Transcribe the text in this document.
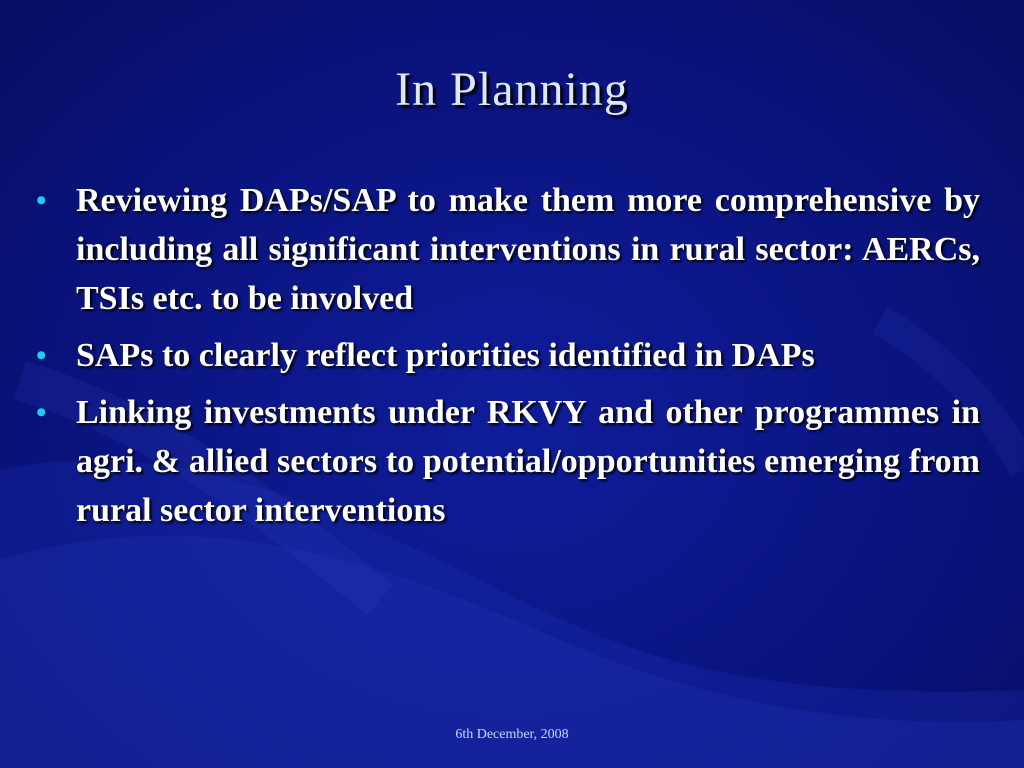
In Planning
• Reviewing DAPs/SAP to make them more comprehensive by including all significant interventions in rural sector: AERCs, TSIs etc. to be involved
• SAPs to clearly reflect priorities identified in DAPs
• Linking investments under RKVY and other programmes in agri. & allied sectors to potential/opportunities emerging from rural sector interventions
6th December, 2008
